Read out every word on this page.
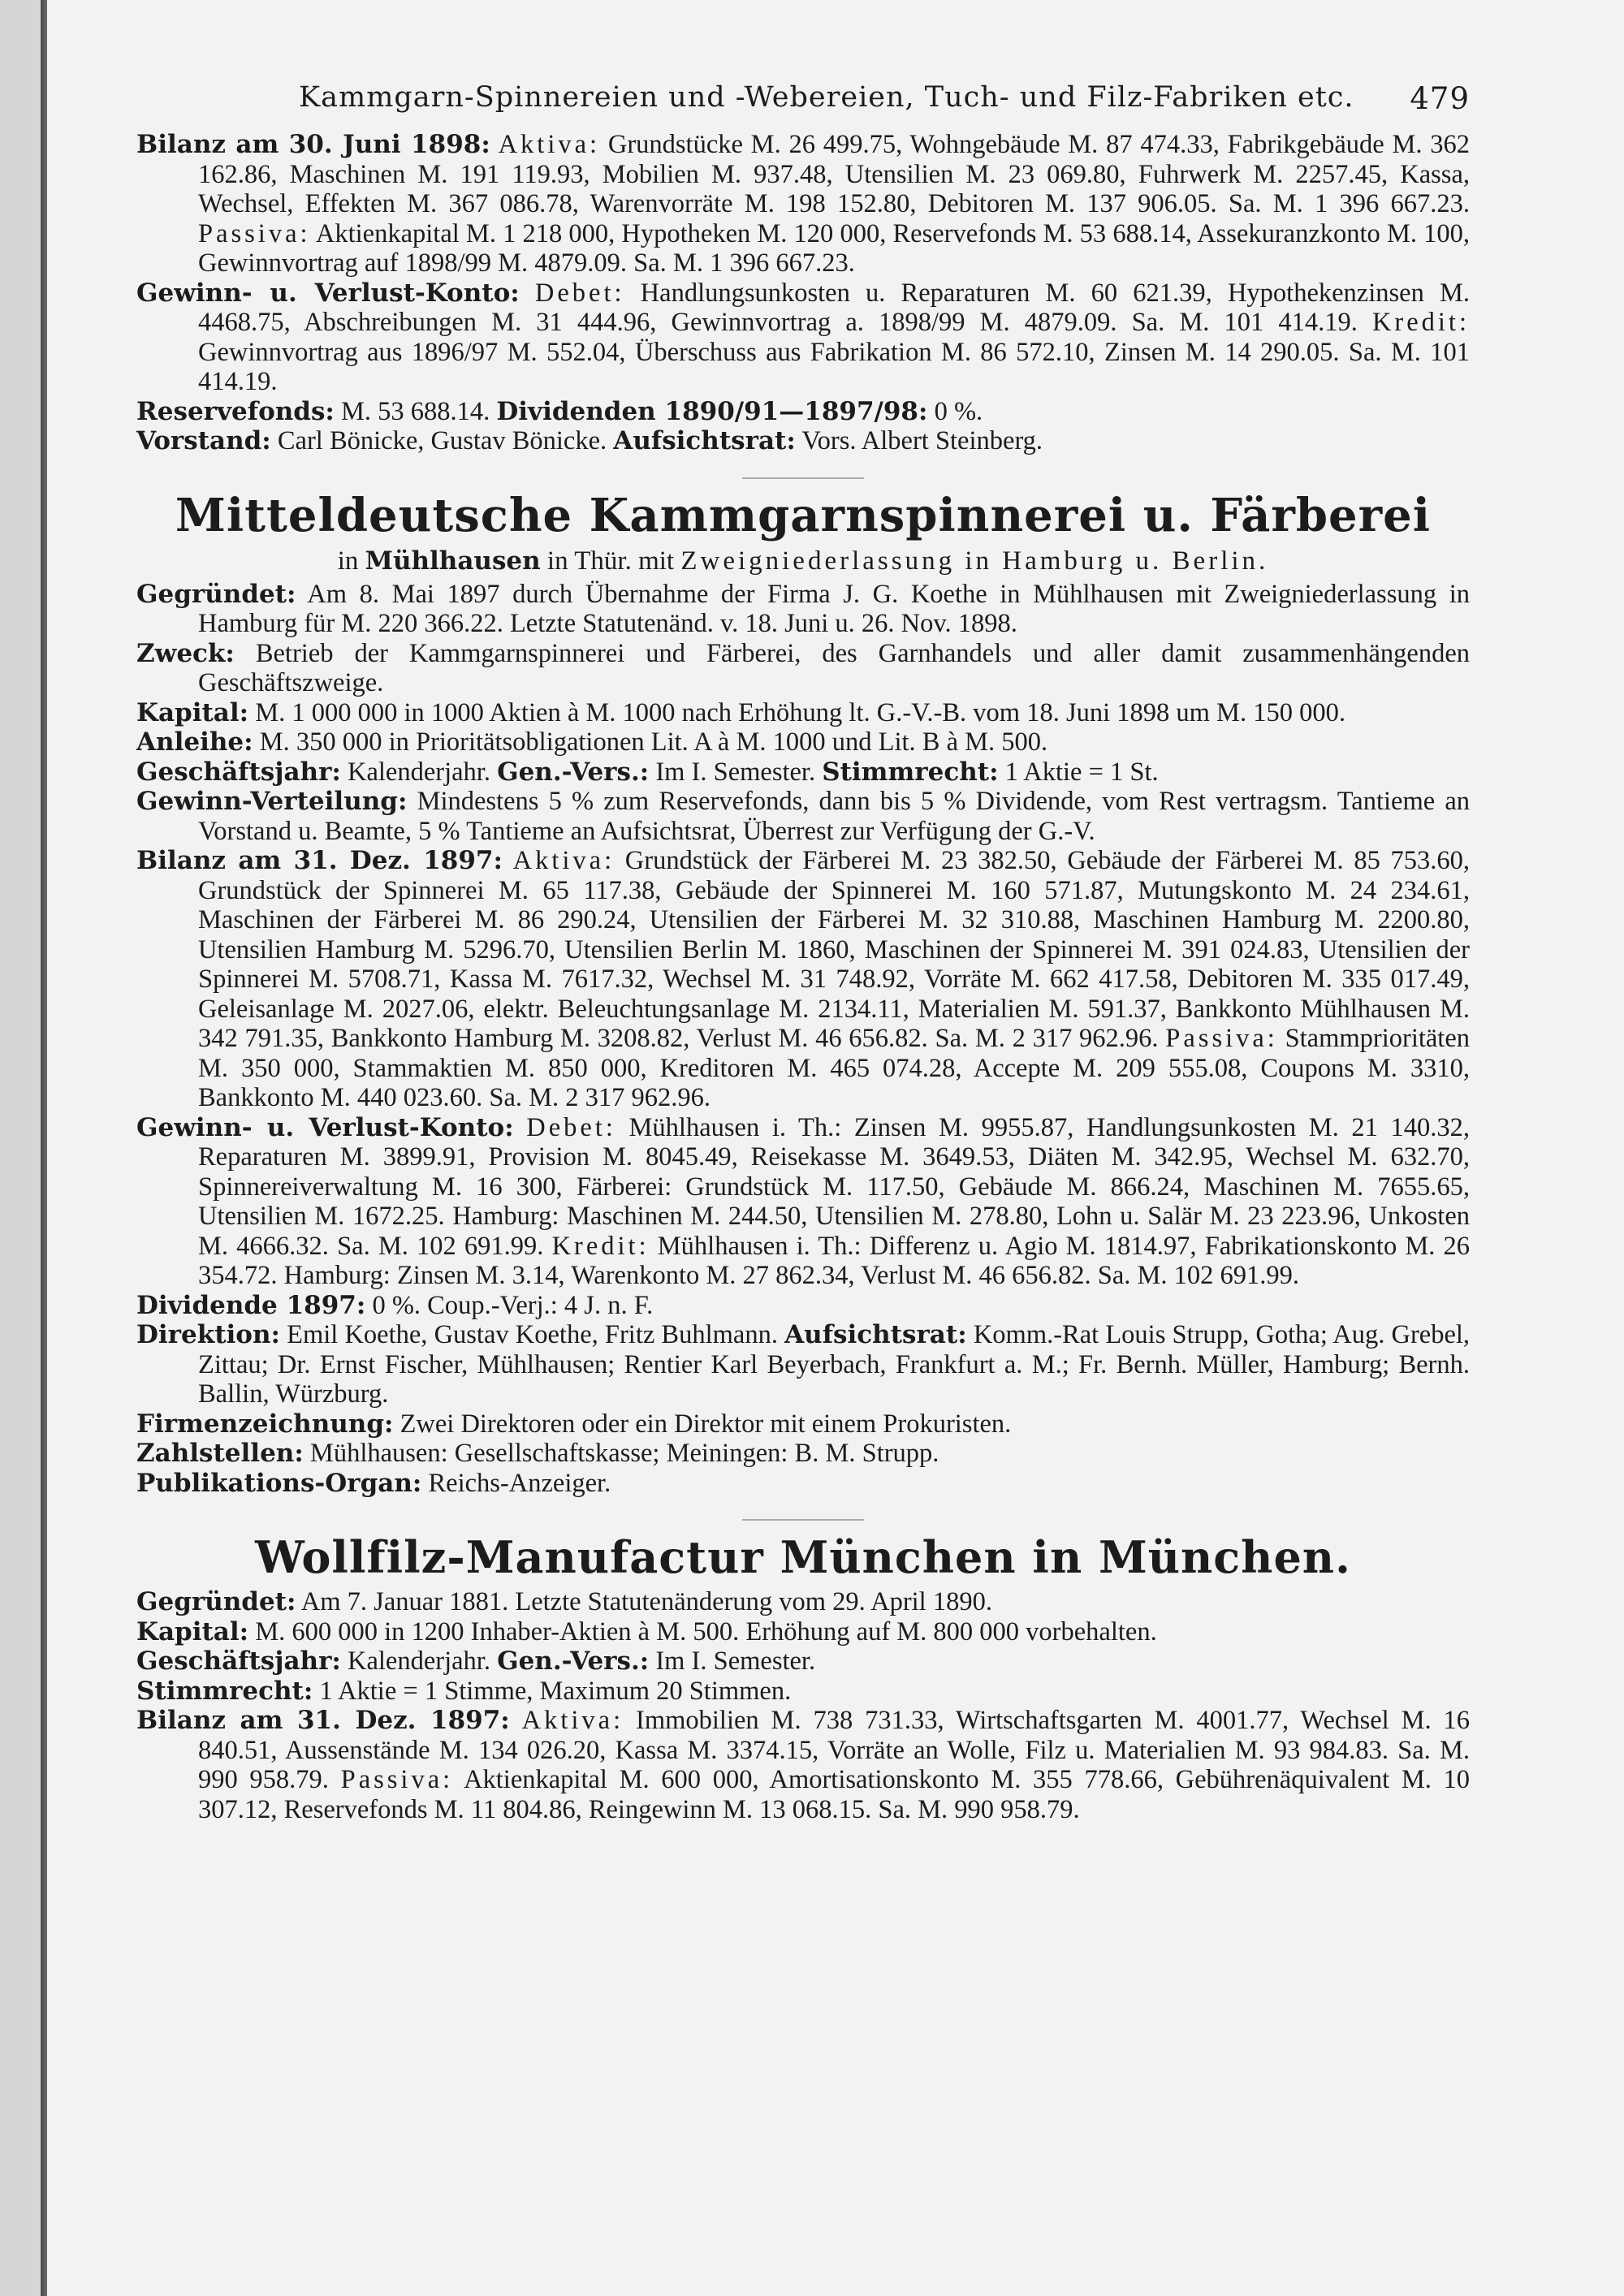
Kammgarn-Spinnereien und -Webereien, Tuch- und Filz-Fabriken etc. 479

Bilanz am 30. Juni 1898: Aktiva: Grundstücke M. 26 499.75, Wohngebäude M. 87 474.33, Fabrikgebäude M. 362 162.86, Maschinen M. 191 119.93, Mobilien M. 937.48, Utensilien M. 23 069.80, Fuhrwerk M. 2257.45, Kassa, Wechsel, Effekten M. 367 086.78, Warenvorräte M. 198 152.80, Debitoren M. 137 906.05. Sa. M. 1 396 667.23. Passiva: Aktienkapital M. 1 218 000, Hypotheken M. 120 000, Reservefonds M. 53 688.14, Assekuranzkonto M. 100, Gewinnvortrag auf 1898/99 M. 4879.09. Sa. M. 1 396 667.23.

Gewinn- u. Verlust-Konto: Debet: Handlungsunkosten u. Reparaturen M. 60 621.39, Hypothekenzinsen M. 4468.75, Abschreibungen M. 31 444.96, Gewinnvortrag a. 1898/99 M. 4879.09. Sa. M. 101 414.19. Kredit: Gewinnvortrag aus 1896/97 M. 552.04, Überschuss aus Fabrikation M. 86 572.10, Zinsen M. 14 290.05. Sa. M. 101 414.19.

Reservefonds: M. 53 688.14. Dividenden 1890/91—1897/98: 0 %.

Vorstand: Carl Bönicke, Gustav Bönicke. Aufsichtsrat: Vors. Albert Steinberg.

Mitteldeutsche Kammgarnspinnerei u. Färberei

in Mühlhausen in Thür. mit Zweigniederlassung in Hamburg u. Berlin.

Gegründet: Am 8. Mai 1897 durch Übernahme der Firma J. G. Koethe in Mühlhausen mit Zweigniederlassung in Hamburg für M. 220 366.22. Letzte Statutenänd. v. 18. Juni u. 26. Nov. 1898.

Zweck: Betrieb der Kammgarnspinnerei und Färberei, des Garnhandels und aller damit zusammenhängenden Geschäftszweige.

Kapital: M. 1 000 000 in 1000 Aktien à M. 1000 nach Erhöhung lt. G.-V.-B. vom 18. Juni 1898 um M. 150 000.

Anleihe: M. 350 000 in Prioritätsobligationen Lit. A à M. 1000 und Lit. B à M. 500.

Geschäftsjahr: Kalenderjahr. Gen.-Vers.: Im I. Semester. Stimmrecht: 1 Aktie = 1 St.

Gewinn-Verteilung: Mindestens 5 % zum Reservefonds, dann bis 5 % Dividende, vom Rest vertragsm. Tantieme an Vorstand u. Beamte, 5 % Tantieme an Aufsichtsrat, Überrest zur Verfügung der G.-V.

Bilanz am 31. Dez. 1897: Aktiva: Grundstück der Färberei M. 23 382.50, Gebäude der Färberei M. 85 753.60, Grundstück der Spinnerei M. 65 117.38, Gebäude der Spinnerei M. 160 571.87, Mutungskonto M. 24 234.61, Maschinen der Färberei M. 86 290.24, Utensilien der Färberei M. 32 310.88, Maschinen Hamburg M. 2200.80, Utensilien Hamburg M. 5296.70, Utensilien Berlin M. 1860, Maschinen der Spinnerei M. 391 024.83, Utensilien der Spinnerei M. 5708.71, Kassa M. 7617.32, Wechsel M. 31 748.92, Vorräte M. 662 417.58, Debitoren M. 335 017.49, Geleisanlage M. 2027.06, elektr. Beleuchtungsanlage M. 2134.11, Materialien M. 591.37, Bankkonto Mühlhausen M. 342 791.35, Bankkonto Hamburg M. 3208.82, Verlust M. 46 656.82. Sa. M. 2 317 962.96. Passiva: Stammprioritäten M. 350 000, Stammaktien M. 850 000, Kreditoren M. 465 074.28, Accepte M. 209 555.08, Coupons M. 3310, Bankkonto M. 440 023.60. Sa. M. 2 317 962.96.

Gewinn- u. Verlust-Konto: Debet: Mühlhausen i. Th.: Zinsen M. 9955.87, Handlungsunkosten M. 21 140.32, Reparaturen M. 3899.91, Provision M. 8045.49, Reisekasse M. 3649.53, Diäten M. 342.95, Wechsel M. 632.70, Spinnereiverwaltung M. 16 300, Färberei: Grundstück M. 117.50, Gebäude M. 866.24, Maschinen M. 7655.65, Utensilien M. 1672.25. Hamburg: Maschinen M. 244.50, Utensilien M. 278.80, Lohn u. Salär M. 23 223.96, Unkosten M. 4666.32. Sa. M. 102 691.99. Kredit: Mühlhausen i. Th.: Differenz u. Agio M. 1814.97, Fabrikationskonto M. 26 354.72. Hamburg: Zinsen M. 3.14, Warenkonto M. 27 862.34, Verlust M. 46 656.82. Sa. M. 102 691.99.

Dividende 1897: 0 %. Coup.-Verj.: 4 J. n. F.

Direktion: Emil Koethe, Gustav Koethe, Fritz Buhlmann. Aufsichtsrat: Komm.-Rat Louis Strupp, Gotha; Aug. Grebel, Zittau; Dr. Ernst Fischer, Mühlhausen; Rentier Karl Beyerbach, Frankfurt a. M.; Fr. Bernh. Müller, Hamburg; Bernh. Ballin, Würzburg.

Firmenzeichnung: Zwei Direktoren oder ein Direktor mit einem Prokuristen.

Zahlstellen: Mühlhausen: Gesellschaftskasse; Meiningen: B. M. Strupp.

Publikations-Organ: Reichs-Anzeiger.

Wollfilz-Manufactur München in München.

Gegründet: Am 7. Januar 1881. Letzte Statutenänderung vom 29. April 1890.

Kapital: M. 600 000 in 1200 Inhaber-Aktien à M. 500. Erhöhung auf M. 800 000 vorbehalten.

Geschäftsjahr: Kalenderjahr. Gen.-Vers.: Im I. Semester.

Stimmrecht: 1 Aktie = 1 Stimme, Maximum 20 Stimmen.

Bilanz am 31. Dez. 1897: Aktiva: Immobilien M. 738 731.33, Wirtschaftsgarten M. 4001.77, Wechsel M. 16 840.51, Aussenstände M. 134 026.20, Kassa M. 3374.15, Vorräte an Wolle, Filz u. Materialien M. 93 984.83. Sa. M. 990 958.79. Passiva: Aktienkapital M. 600 000, Amortisationskonto M. 355 778.66, Gebührenäquivalent M. 10 307.12, Reservefonds M. 11 804.86, Reingewinn M. 13 068.15. Sa. M. 990 958.79.
